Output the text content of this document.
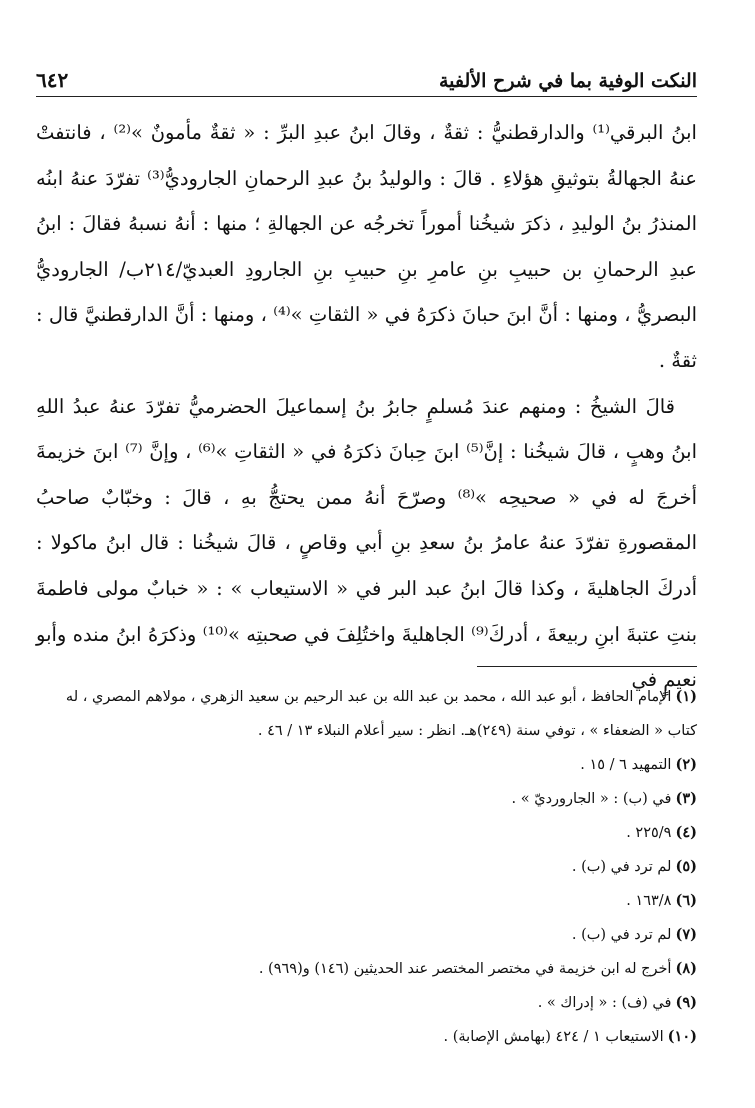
النكت الوفية بما في شرح الألفية
٦٤٢

ابنُ البرقي⁽¹⁾ والدارقطنيُّ : ثقةٌ ، وقالَ ابنُ عبدِ البرِّ : « ثقةٌ مأمونٌ »⁽²⁾ ، فانتفتْ عنهُ الجهالةُ بتوثيقِ هؤلاءِ . قالَ : والوليدُ بنُ عبدِ الرحمانِ الجاروديُّ⁽³⁾ تفرّدَ عنهُ ابنُه المنذرُ بنُ الوليدِ ، ذكرَ شيخُنا أموراً تخرجُه عن الجهالةِ ؛ منها : أنهُ نسبهُ فقالَ : ابنُ عبدِ الرحمانِ بن حبيبِ بنِ عامرِ بنِ حبيبِ بنِ الجارودِ العبديّ/٢١٤ب/ الجاروديُّ البصريُّ ، ومنها : أنَّ ابنَ حبانَ ذكرَهُ في « الثقاتِ »⁽⁴⁾ ، ومنها : أنَّ الدارقطنيَّ قال : ثقةٌ .

قالَ الشيخُ : ومنهم عندَ مُسلمٍ جابرُ بنُ إسماعيلَ الحضرميُّ تفرّدَ عنهُ عبدُ اللهِ ابنُ وهبٍ ، قالَ شيخُنا : إنَّ⁽⁵⁾ ابنَ حِبانَ ذكرَهُ في « الثقاتِ »⁽⁶⁾ ، وإنَّ ⁽⁷⁾ ابنَ خزيمةَ أخرجَ له في « صحيحِه »⁽⁸⁾ وصرّحَ أنهُ ممن يحتجُّ بهِ ، قالَ : وخبّابٌ صاحبُ المقصورةِ تفرّدَ عنهُ عامرُ بنُ سعدِ بنِ أبي وقاصٍ ، قالَ شيخُنا : قال ابنُ ماكولا : أدركَ الجاهليةَ ، وكذا قالَ ابنُ عبد البر في « الاستيعاب » : « خبابٌ مولى فاطمةَ بنتِ عتبةَ ابنِ ربيعةَ ، أدركَ⁽⁹⁾ الجاهليةَ واختُلِفَ في صحبتِه »⁽¹⁰⁾ وذكرَهُ ابنُ منده وأبو نعيمٍ في

(١)الإمام الحافظ ، أبو عبد الله ، محمد بن عبد الله بن عبد الرحيم بن سعيد الزهري ، مولاهم المصري ، له كتاب « الضعفاء » ، توفي سنة (٢٤٩)هـ. انظر : سير أعلام النبلاء ١٣ / ٤٦ .

(٢)التمهيد ٦ / ١٥ .

(٣)في (ب) : « الجارورديّ » .

(٤)٢٢٥/٩ .

(٥)لم ترد في (ب) .

(٦)١٦٣/٨ .

(٧)لم ترد في (ب) .

(٨)أخرج له ابن خزيمة في مختصر المختصر عند الحديثين (١٤٦) و(٩٦٩) .

(٩)في (ف) : « إدراك » .

(١٠)الاستيعاب ١ / ٤٢٤ (بهامش الإصابة) .
